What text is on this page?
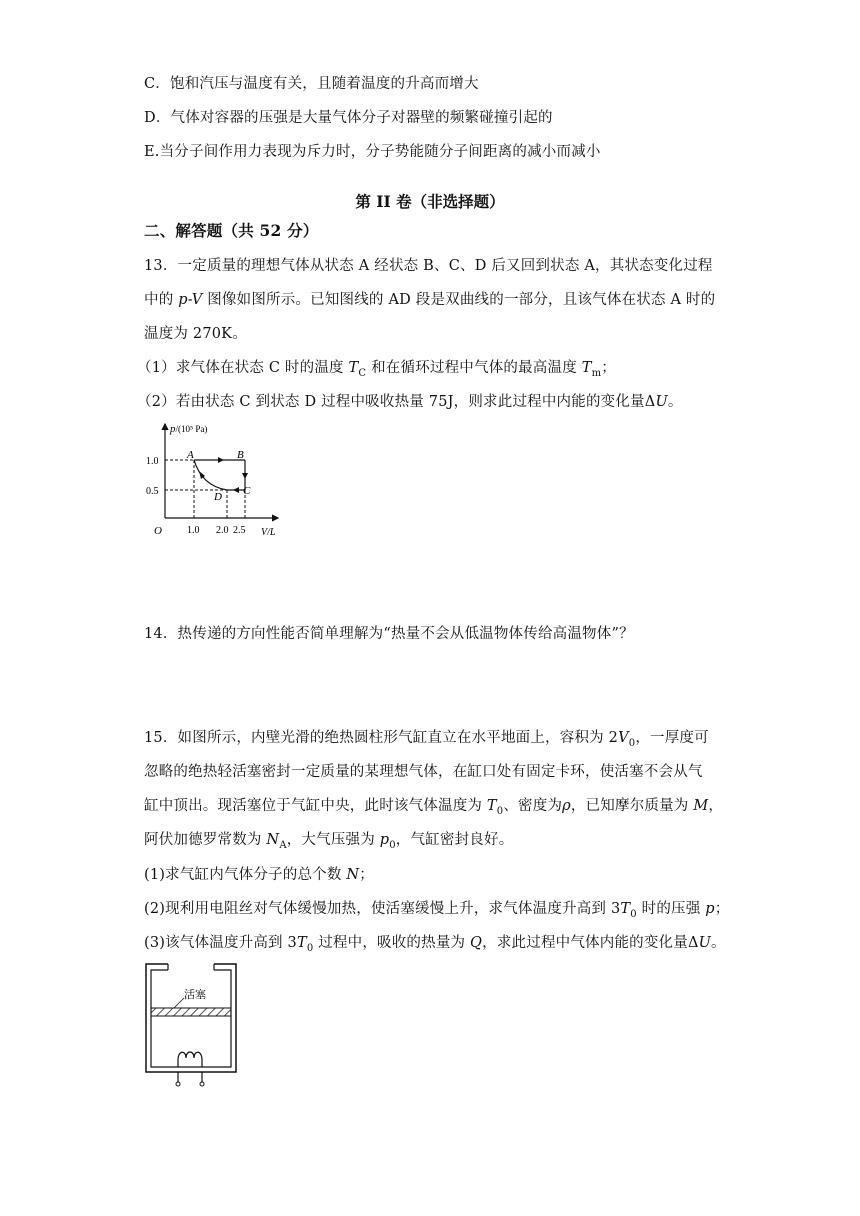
C．饱和汽压与温度有关，且随着温度的升高而增大
D．气体对容器的压强是大量气体分子对器壁的频繁碰撞引起的
E.当分子间作用力表现为斥力时，分子势能随分子间距离的减小而减小
第 II 卷（非选择题）
二、解答题（共 52 分）
13．一定质量的理想气体从状态 A 经状态 B、C、D 后又回到状态 A，其状态变化过程
中的 p-V 图像如图所示。已知图线的 AD 段是双曲线的一部分，且该气体在状态 A 时的
温度为 270K。
（1）求气体在状态 C 时的温度 $T_C$ 和在循环过程中气体的最高温度 $T_m$；
（2）若由状态 C 到状态 D 过程中吸收热量 75J，则求此过程中内能的变化量ΔU。
p/(10⁵ Pa)
V/L
O
1.0
0.5
1.0 2.0 2.5
A	B
C
D
14．热传递的方向性能否简单理解为“热量不会从低温物体传给高温物体”？
15．如图所示，内壁光滑的绝热圆柱形气缸直立在水平地面上，容积为 $2V_0$，一厚度可
忽略的绝热轻活塞密封一定质量的某理想气体，在缸口处有固定卡环，使活塞不会从气
缸中顶出。现活塞位于气缸中央，此时该气体温度为 $T_0$、密度为ρ，已知摩尔质量为 M，
阿伏加德罗常数为 $N_A$，大气压强为 $p_0$，气缸密封良好。
(1)求气缸内气体分子的总个数 N；
(2)现利用电阻丝对气体缓慢加热，使活塞缓慢上升，求气体温度升高到 $3T_0$ 时的压强 p；
(3)该气体温度升高到 $3T_0$ 过程中，吸收的热量为 Q，求此过程中气体内能的变化量ΔU。
活塞
